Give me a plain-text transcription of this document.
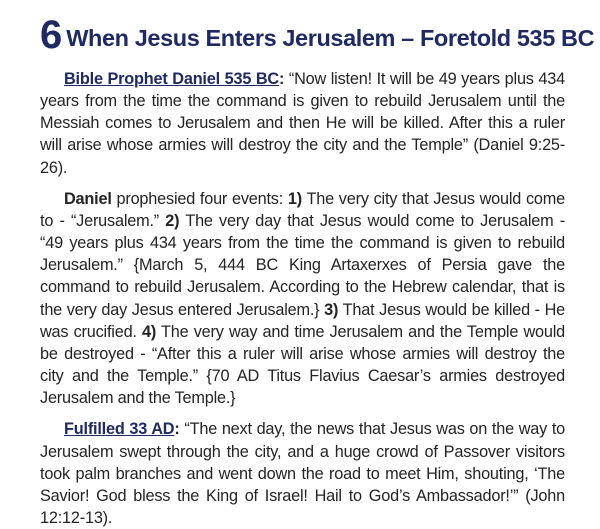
6 When Jesus Enters Jerusalem – Foretold 535 BC

Bible Prophet Daniel 535 BC: “Now listen! It will be 49 years plus 434 years from the time the command is given to rebuild Jerusalem until the Messiah comes to Jerusalem and then He will be killed. After this a ruler will arise whose armies will destroy the city and the Temple” (Daniel 9:25-26).

Daniel prophesied four events: 1) The very city that Jesus would come to - “Jerusalem.” 2) The very day that Jesus would come to Jerusalem - “49 years plus 434 years from the time the command is given to rebuild Jerusalem.” {March 5, 444 BC King Artaxerxes of Persia gave the command to rebuild Jerusalem. According to the Hebrew calendar, that is the very day Jesus entered Jerusalem.} 3) That Jesus would be killed - He was crucified. 4) The very way and time Jerusalem and the Temple would be destroyed - “After this a ruler will arise whose armies will destroy the city and the Temple.” {70 AD Titus Flavius Caesar’s armies destroyed Jerusalem and the Temple.}

Fulfilled 33 AD: “The next day, the news that Jesus was on the way to Jerusalem swept through the city, and a huge crowd of Passover visitors took palm branches and went down the road to meet Him, shouting, ‘The Savior! God bless the King of Israel! Hail to God’s Ambassador!’” (John 12:12-13).
